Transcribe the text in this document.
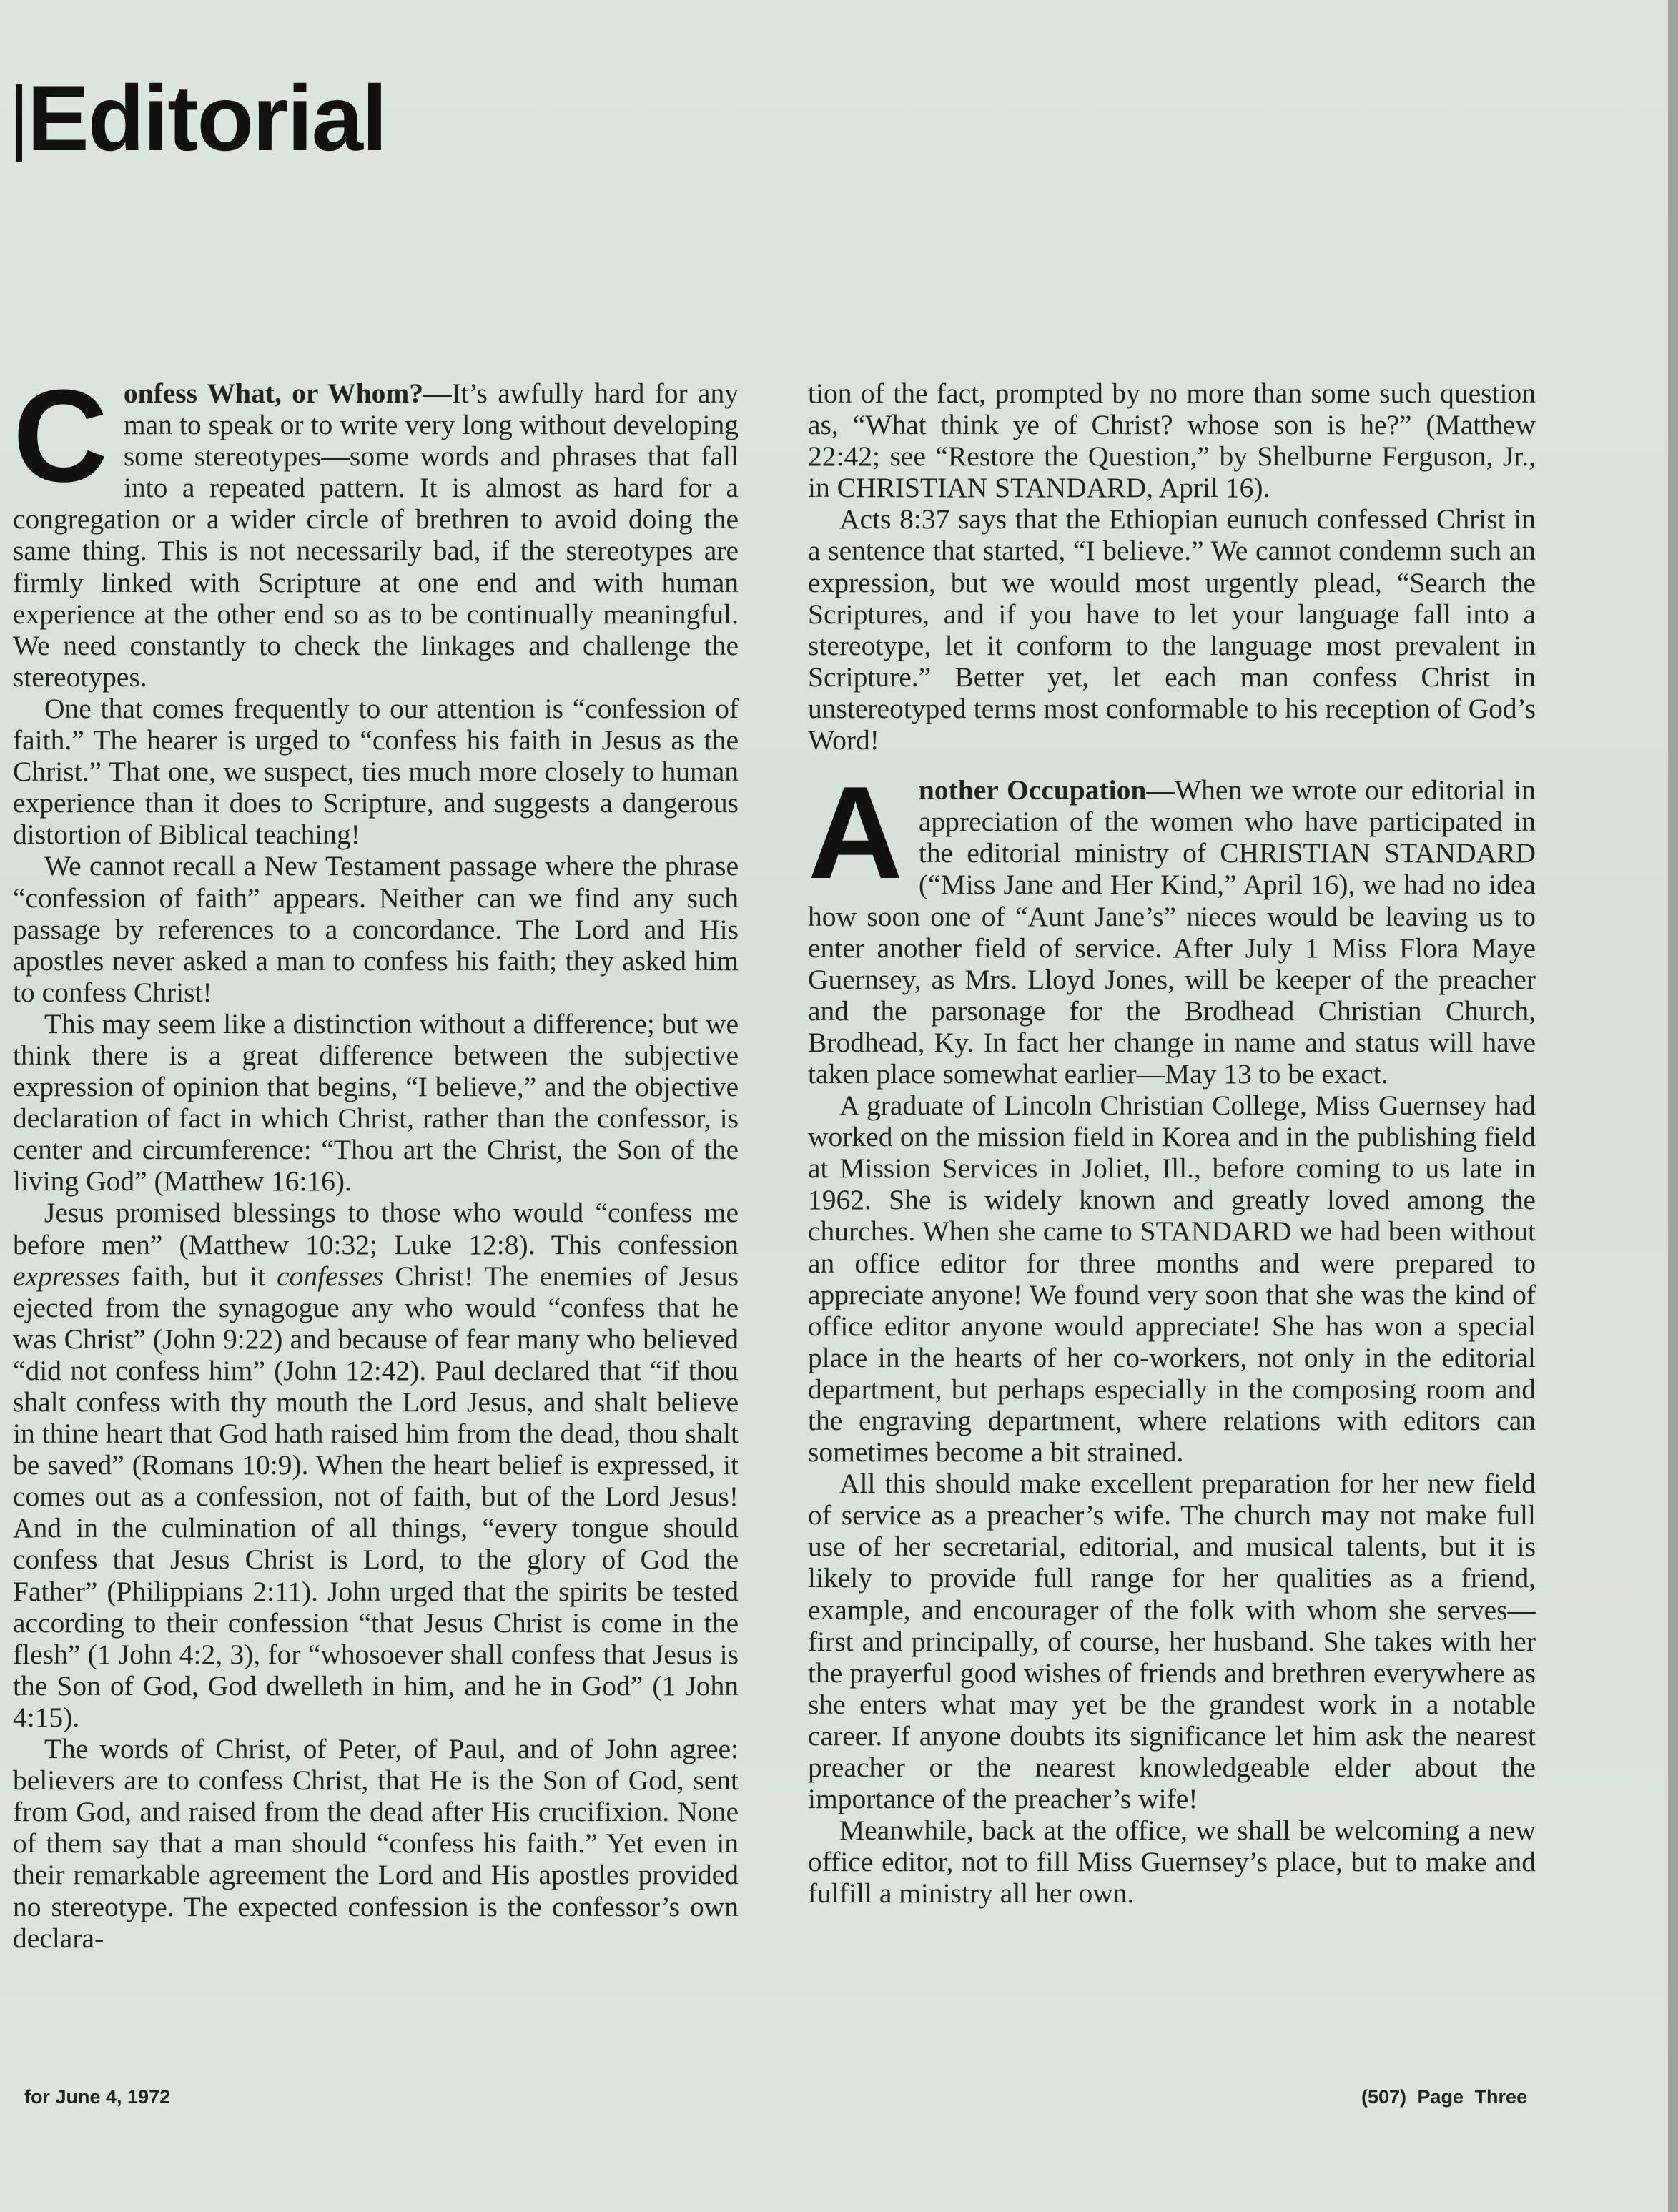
Editorial

Confess What, or Whom?—It’s awfully hard for any man to speak or to write very long without developing some stereotypes—some words and phrases that fall into a repeated pattern. It is almost as hard for a congregation or a wider circle of brethren to avoid doing the same thing. This is not necessarily bad, if the stereotypes are firmly linked with Scripture at one end and with human experience at the other end so as to be continually meaningful. We need constantly to check the linkages and challenge the stereotypes.

One that comes frequently to our attention is “confession of faith.” The hearer is urged to “confess his faith in Jesus as the Christ.” That one, we suspect, ties much more closely to human experience than it does to Scripture, and suggests a dangerous distortion of Biblical teaching!

We cannot recall a New Testament passage where the phrase “confession of faith” appears. Neither can we find any such passage by references to a concordance. The Lord and His apostles never asked a man to confess his faith; they asked him to confess Christ!

This may seem like a distinction without a difference; but we think there is a great difference between the subjective expression of opinion that begins, “I believe,” and the objective declaration of fact in which Christ, rather than the confessor, is center and circumference: “Thou art the Christ, the Son of the living God” (Matthew 16:16).

Jesus promised blessings to those who would “confess me before men” (Matthew 10:32; Luke 12:8). This confession expresses faith, but it confesses Christ! The enemies of Jesus ejected from the synagogue any who would “confess that he was Christ” (John 9:22) and because of fear many who believed “did not confess him” (John 12:42). Paul declared that “if thou shalt confess with thy mouth the Lord Jesus, and shalt believe in thine heart that God hath raised him from the dead, thou shalt be saved” (Romans 10:9). When the heart belief is expressed, it comes out as a confession, not of faith, but of the Lord Jesus! And in the culmination of all things, “every tongue should confess that Jesus Christ is Lord, to the glory of God the Father” (Philippians 2:11). John urged that the spirits be tested according to their confession “that Jesus Christ is come in the flesh” (1 John 4:2, 3), for “whosoever shall confess that Jesus is the Son of God, God dwelleth in him, and he in God” (1 John 4:15).

The words of Christ, of Peter, of Paul, and of John agree: believers are to confess Christ, that He is the Son of God, sent from God, and raised from the dead after His crucifixion. None of them say that a man should “confess his faith.” Yet even in their remarkable agreement the Lord and His apostles provided no stereotype. The expected confession is the confessor’s own declara-

tion of the fact, prompted by no more than some such question as, “What think ye of Christ? whose son is he?” (Matthew 22:42; see “Restore the Question,” by Shelburne Ferguson, Jr., in CHRISTIAN STANDARD, April 16).

Acts 8:37 says that the Ethiopian eunuch confessed Christ in a sentence that started, “I believe.” We cannot condemn such an expression, but we would most urgently plead, “Search the Scriptures, and if you have to let your language fall into a stereotype, let it conform to the language most prevalent in Scripture.” Better yet, let each man confess Christ in unstereotyped terms most conformable to his reception of God’s Word!

Another Occupation—When we wrote our editorial in appreciation of the women who have participated in the editorial ministry of CHRISTIAN STANDARD (“Miss Jane and Her Kind,” April 16), we had no idea how soon one of “Aunt Jane’s” nieces would be leaving us to enter another field of service. After July 1 Miss Flora Maye Guernsey, as Mrs. Lloyd Jones, will be keeper of the preacher and the parsonage for the Brodhead Christian Church, Brodhead, Ky. In fact her change in name and status will have taken place somewhat earlier—May 13 to be exact.

A graduate of Lincoln Christian College, Miss Guernsey had worked on the mission field in Korea and in the publishing field at Mission Services in Joliet, Ill., before coming to us late in 1962. She is widely known and greatly loved among the churches. When she came to STANDARD we had been without an office editor for three months and were prepared to appreciate anyone! We found very soon that she was the kind of office editor anyone would appreciate! She has won a special place in the hearts of her co-workers, not only in the editorial department, but perhaps especially in the composing room and the engraving department, where relations with editors can sometimes become a bit strained.

All this should make excellent preparation for her new field of service as a preacher’s wife. The church may not make full use of her secretarial, editorial, and musical talents, but it is likely to provide full range for her qualities as a friend, example, and encourager of the folk with whom she serves—first and principally, of course, her husband. She takes with her the prayerful good wishes of friends and brethren everywhere as she enters what may yet be the grandest work in a notable career. If anyone doubts its significance let him ask the nearest preacher or the nearest knowledgeable elder about the importance of the preacher’s wife!

Meanwhile, back at the office, we shall be welcoming a new office editor, not to fill Miss Guernsey’s place, but to make and fulfill a ministry all her own.

for June 4, 1972	(507) Page Three
